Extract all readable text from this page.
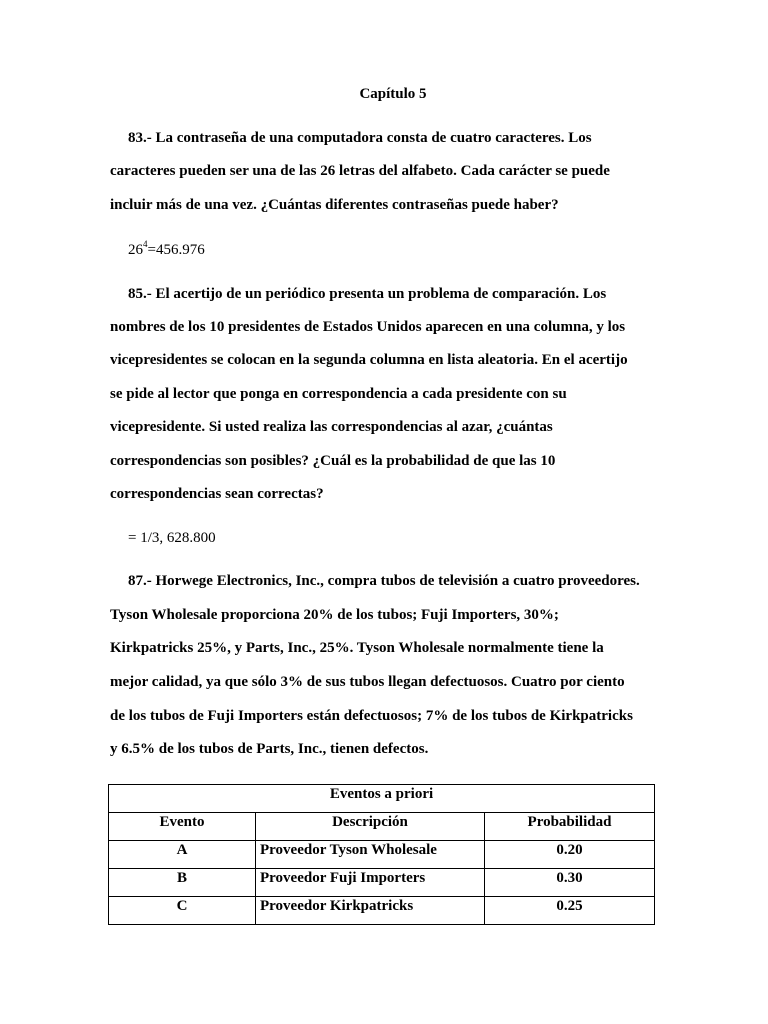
Capítulo 5
83.- La contraseña de una computadora consta de cuatro caracteres. Los
caracteres pueden ser una de las 26 letras del alfabeto. Cada carácter se puede
incluir más de una vez. ¿Cuántas diferentes contraseñas puede haber?
$26^4=456.976$
85.- El acertijo de un periódico presenta un problema de comparación. Los
nombres de los 10 presidentes de Estados Unidos aparecen en una columna, y los
vicepresidentes se colocan en la segunda columna en lista aleatoria. En el acertijo
se pide al lector que ponga en correspondencia a cada presidente con su
vicepresidente. Si usted realiza las correspondencias al azar, ¿cuántas
correspondencias son posibles? ¿Cuál es la probabilidad de que las 10
correspondencias sean correctas?
= 1/3, 628.800
87.- Horwege Electronics, Inc., compra tubos de televisión a cuatro proveedores.
Tyson Wholesale proporciona 20% de los tubos; Fuji Importers, 30%;
Kirkpatricks 25%, y Parts, Inc., 25%. Tyson Wholesale normalmente tiene la
mejor calidad, ya que sólo 3% de sus tubos llegan defectuosos. Cuatro por ciento
de los tubos de Fuji Importers están defectuosos; 7% de los tubos de Kirkpatricks
y 6.5% de los tubos de Parts, Inc., tienen defectos.
Eventos a priori		
Evento	Descripción	Probabilidad
A	Proveedor Tyson Wholesale	0.20
B	Proveedor Fuji Importers	0.30
C	Proveedor Kirkpatricks	0.25
